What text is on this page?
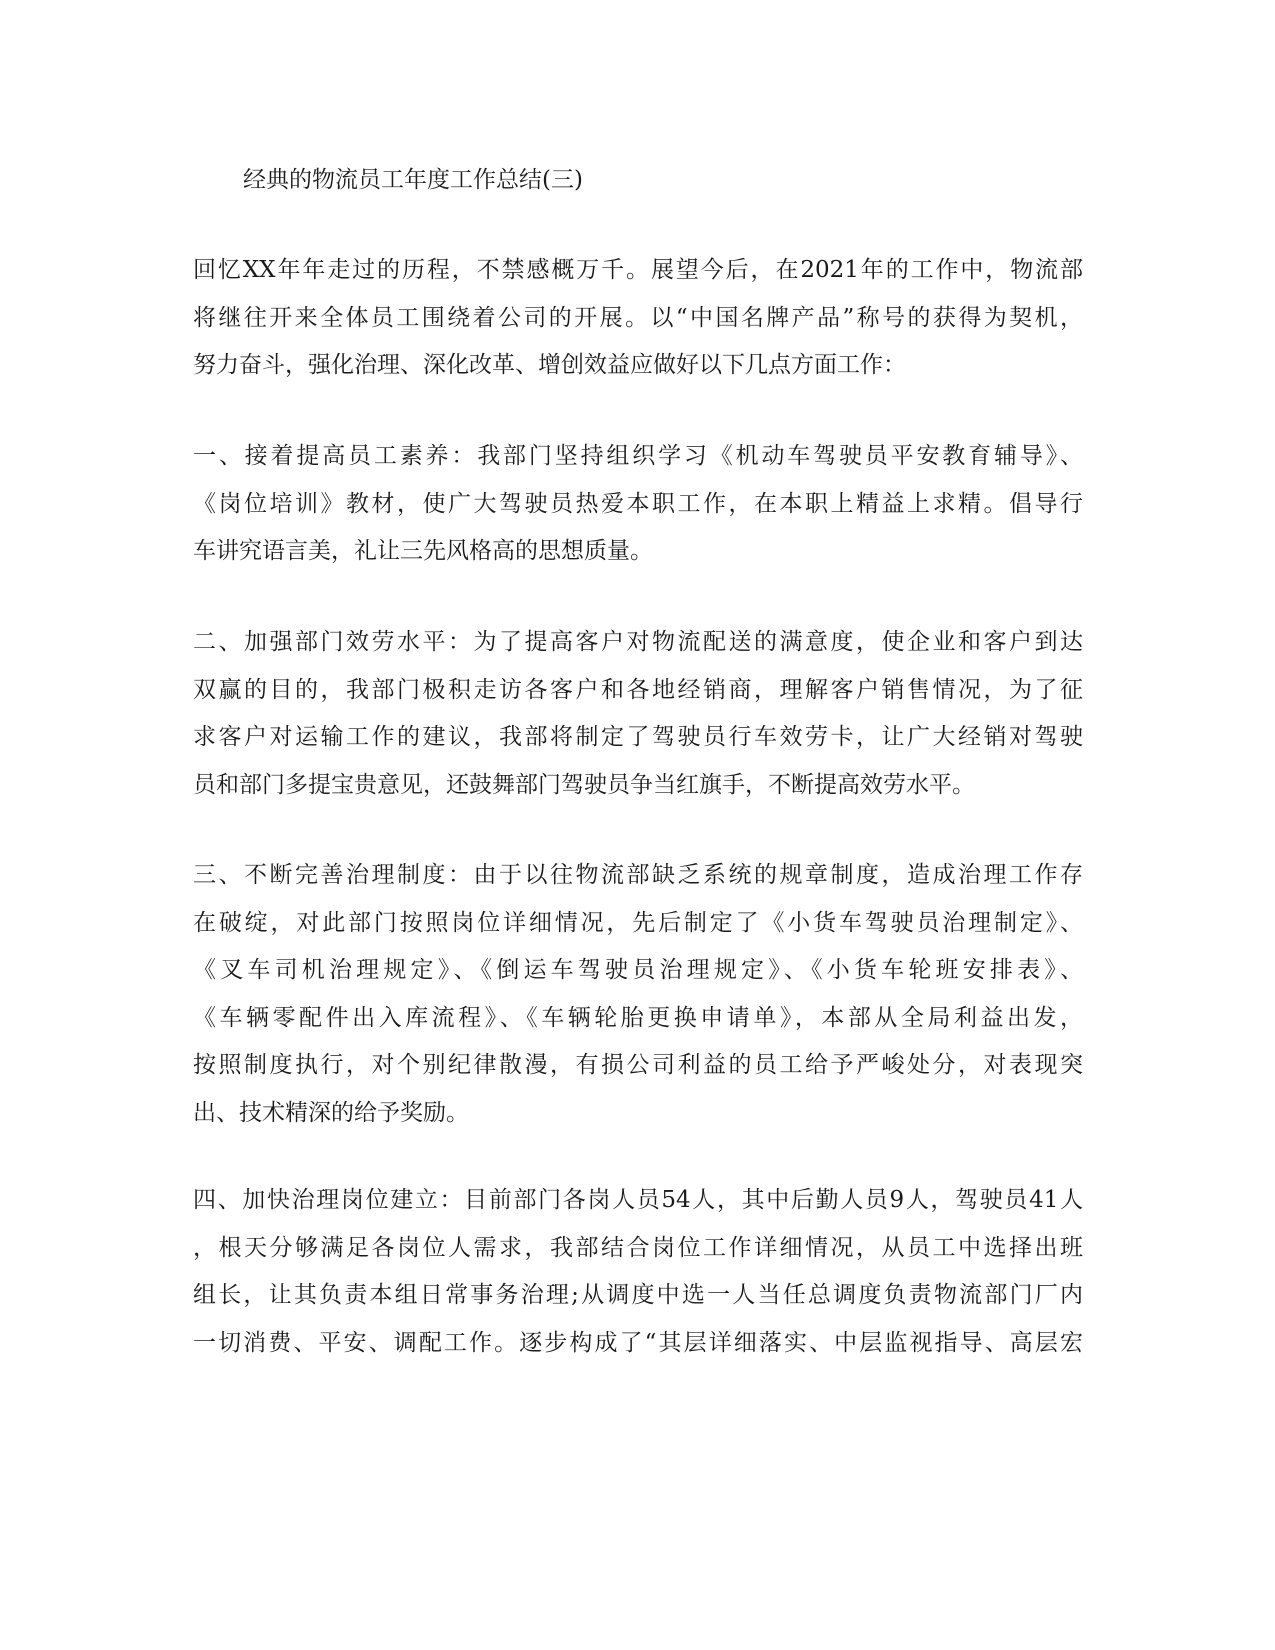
经典的物流员工年度工作总结(三)
回忆XX年年走过的历程，不禁感概万千。展望今后，在2021年的工作中，物流部
将继往开来全体员工围绕着公司的开展。以“中国名牌产品”称号的获得为契机，
努力奋斗，强化治理、深化改革、增创效益应做好以下几点方面工作：
一、接着提高员工素养：我部门坚持组织学习《机动车驾驶员平安教育辅导》、
《岗位培训》教材，使广大驾驶员热爱本职工作，在本职上精益上求精。倡导行
车讲究语言美，礼让三先风格高的思想质量。
二、加强部门效劳水平：为了提高客户对物流配送的满意度，使企业和客户到达
双赢的目的，我部门极积走访各客户和各地经销商，理解客户销售情况，为了征
求客户对运输工作的建议，我部将制定了驾驶员行车效劳卡，让广大经销对驾驶
员和部门多提宝贵意见，还鼓舞部门驾驶员争当红旗手，不断提高效劳水平。
三、不断完善治理制度：由于以往物流部缺乏系统的规章制度，造成治理工作存
在破绽，对此部门按照岗位详细情况，先后制定了《小货车驾驶员治理制定》、
《叉车司机治理规定》、《倒运车驾驶员治理规定》、《小货车轮班安排表》、
《车辆零配件出入库流程》、《车辆轮胎更换申请单》，本部从全局利益出发，
按照制度执行，对个别纪律散漫，有损公司利益的员工给予严峻处分，对表现突
出、技术精深的给予奖励。
四、加快治理岗位建立：目前部门各岗人员54人，其中后勤人员9人，驾驶员41人
，根天分够满足各岗位人需求，我部结合岗位工作详细情况，从员工中选择出班
组长，让其负责本组日常事务治理;从调度中选一人当任总调度负责物流部门厂内
一切消费、平安、调配工作。逐步构成了“其层详细落实、中层监视指导、高层宏
